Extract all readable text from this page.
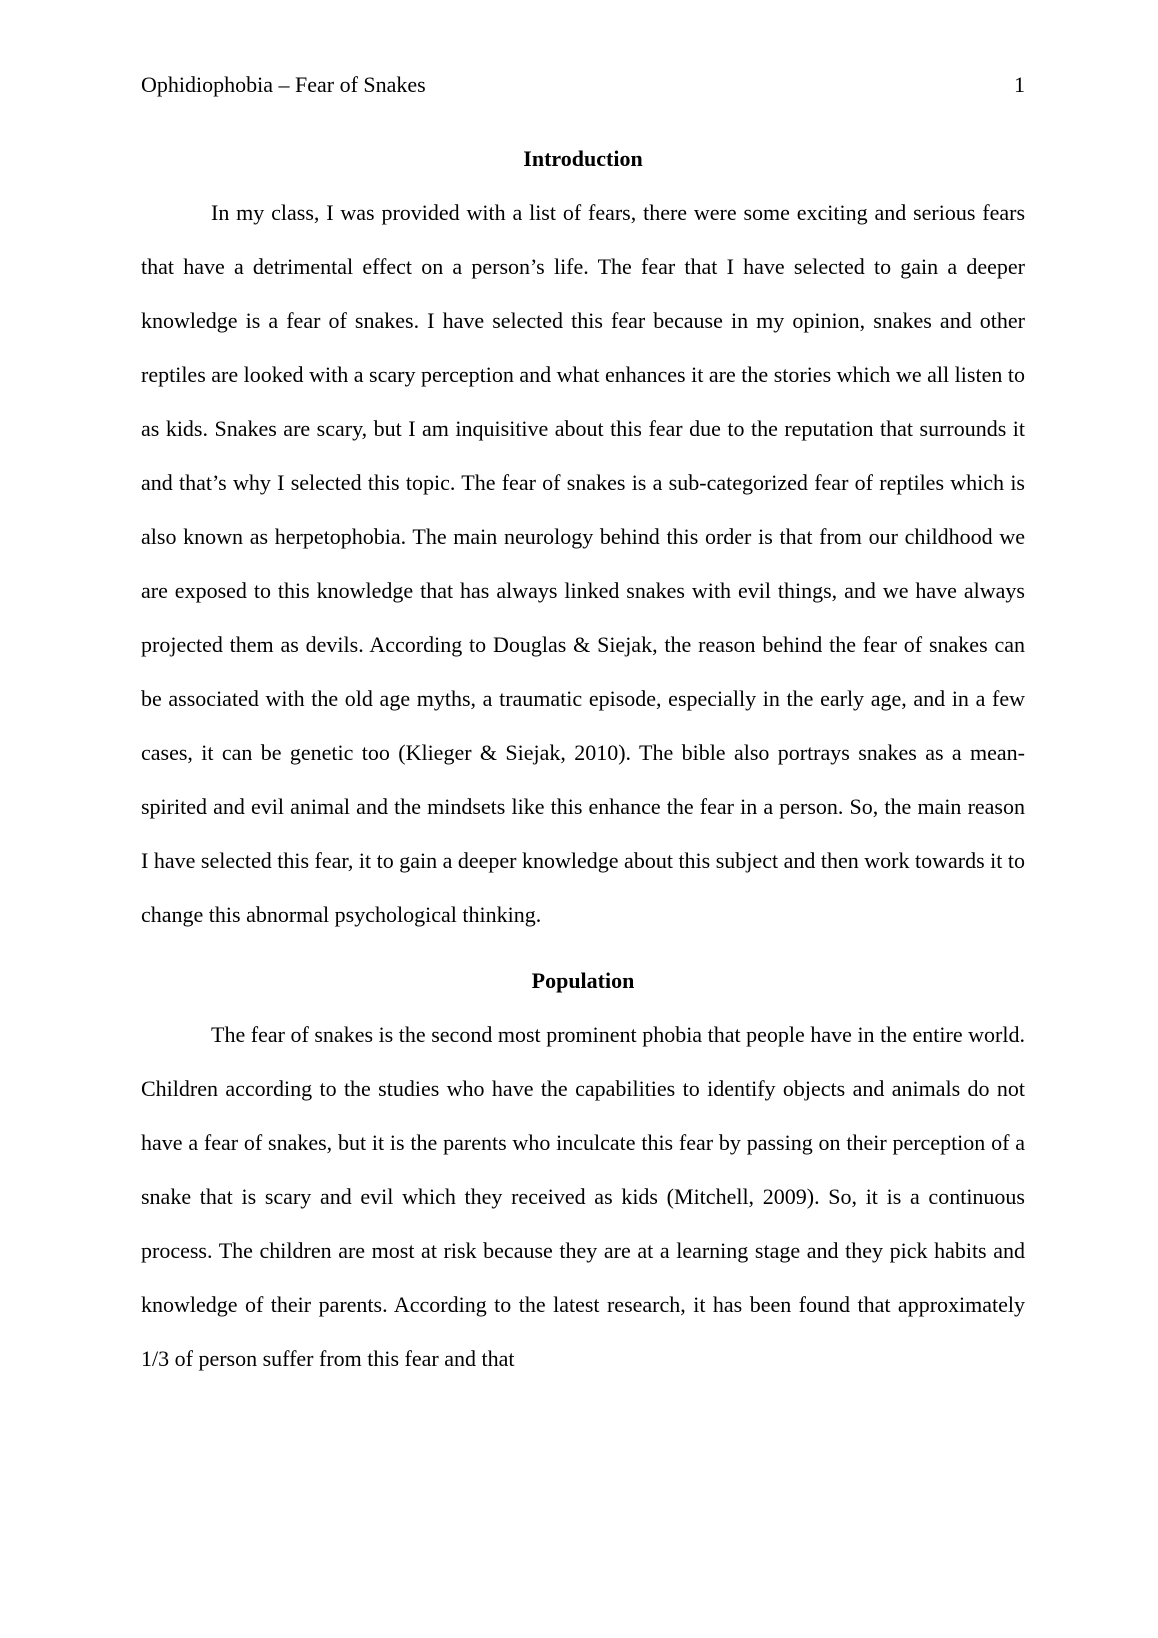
Ophidiophobia – Fear of Snakes	1
Introduction

In my class, I was provided with a list of fears, there were some exciting and serious fears that have a detrimental effect on a person’s life. The fear that I have selected to gain a deeper knowledge is a fear of snakes. I have selected this fear because in my opinion, snakes and other reptiles are looked with a scary perception and what enhances it are the stories which we all listen to as kids. Snakes are scary, but I am inquisitive about this fear due to the reputation that surrounds it and that’s why I selected this topic. The fear of snakes is a sub-categorized fear of reptiles which is also known as herpetophobia. The main neurology behind this order is that from our childhood we are exposed to this knowledge that has always linked snakes with evil things, and we have always projected them as devils. According to Douglas & Siejak, the reason behind the fear of snakes can be associated with the old age myths, a traumatic episode, especially in the early age, and in a few cases, it can be genetic too (Klieger & Siejak, 2010). The bible also portrays snakes as a mean-spirited and evil animal and the mindsets like this enhance the fear in a person. So, the main reason I have selected this fear, it to gain a deeper knowledge about this subject and then work towards it to change this abnormal psychological thinking.

Population

The fear of snakes is the second most prominent phobia that people have in the entire world. Children according to the studies who have the capabilities to identify objects and animals do not have a fear of snakes, but it is the parents who inculcate this fear by passing on their perception of a snake that is scary and evil which they received as kids (Mitchell, 2009). So, it is a continuous process. The children are most at risk because they are at a learning stage and they pick habits and knowledge of their parents. According to the latest research, it has been found that approximately 1/3 of person suffer from this fear and that
